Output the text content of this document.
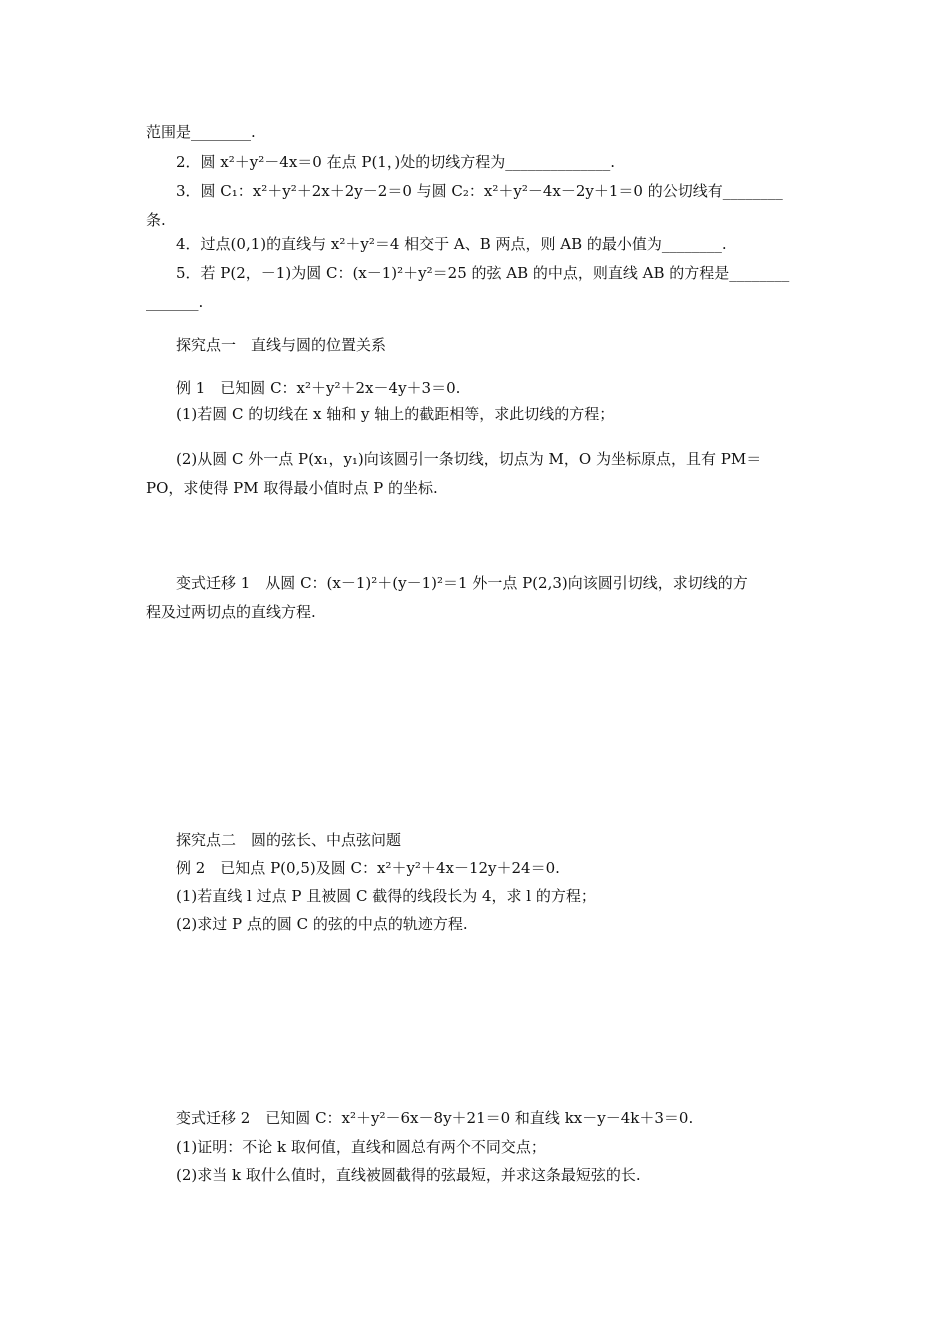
范围是________.
2．圆 x²＋y²－4x＝0 在点 P(1，)处的切线方程为______________.
3．圆 C₁：x²＋y²＋2x＋2y－2＝0 与圆 C₂：x²＋y²－4x－2y＋1＝0 的公切线有________
条.
4．过点(0,1)的直线与 x²＋y²＝4 相交于 A、B 两点，则 AB 的最小值为________.
5．若 P(2，－1)为圆 C：(x－1)²＋y²＝25 的弦 AB 的中点，则直线 AB 的方程是________
_______.
探究点一　直线与圆的位置关系
例 1　已知圆 C：x²＋y²＋2x－4y＋3＝0.
(1)若圆 C 的切线在 x 轴和 y 轴上的截距相等，求此切线的方程；
(2)从圆 C 外一点 P(x₁，y₁)向该圆引一条切线，切点为 M，O 为坐标原点，且有 PM＝
PO，求使得 PM 取得最小值时点 P 的坐标.
变式迁移 1　从圆 C：(x－1)²＋(y－1)²＝1 外一点 P(2,3)向该圆引切线，求切线的方
程及过两切点的直线方程.
探究点二　圆的弦长、中点弦问题
例 2　已知点 P(0,5)及圆 C：x²＋y²＋4x－12y＋24＝0.
(1)若直线 l 过点 P 且被圆 C 截得的线段长为 4，求 l 的方程；
(2)求过 P 点的圆 C 的弦的中点的轨迹方程.
变式迁移 2　已知圆 C：x²＋y²－6x－8y＋21＝0 和直线 kx－y－4k＋3＝0.
(1)证明：不论 k 取何值，直线和圆总有两个不同交点；
(2)求当 k 取什么值时，直线被圆截得的弦最短，并求这条最短弦的长.
